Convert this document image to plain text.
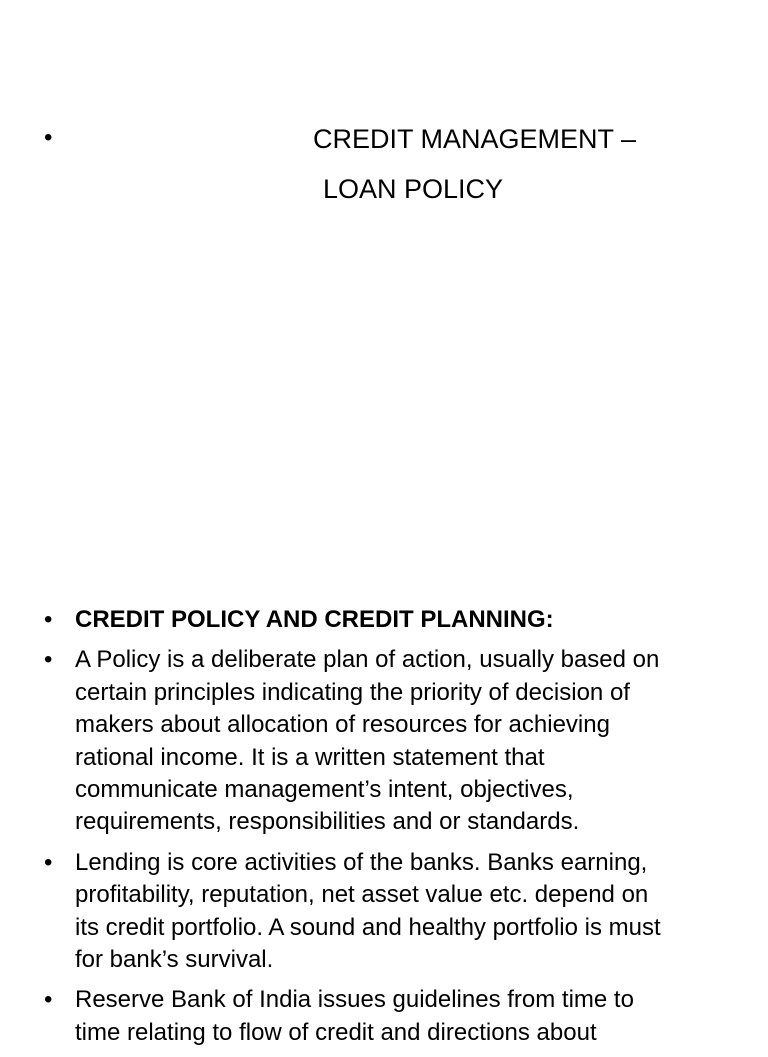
•	CREDIT MANAGEMENT –
LOAN POLICY
• CREDIT POLICY AND CREDIT PLANNING:
• A Policy is a deliberate plan of action, usually based on
certain principles indicating the priority of decision of
makers about allocation of resources for achieving
rational income. It is a written statement that
communicate management’s intent, objectives,
requirements, responsibilities and or standards.
• Lending is core activities of the banks. Banks earning,
profitability, reputation, net asset value etc. depend on
its credit portfolio. A sound and healthy portfolio is must
for bank’s survival.
• Reserve Bank of India issues guidelines from time to
time relating to flow of credit and directions about
